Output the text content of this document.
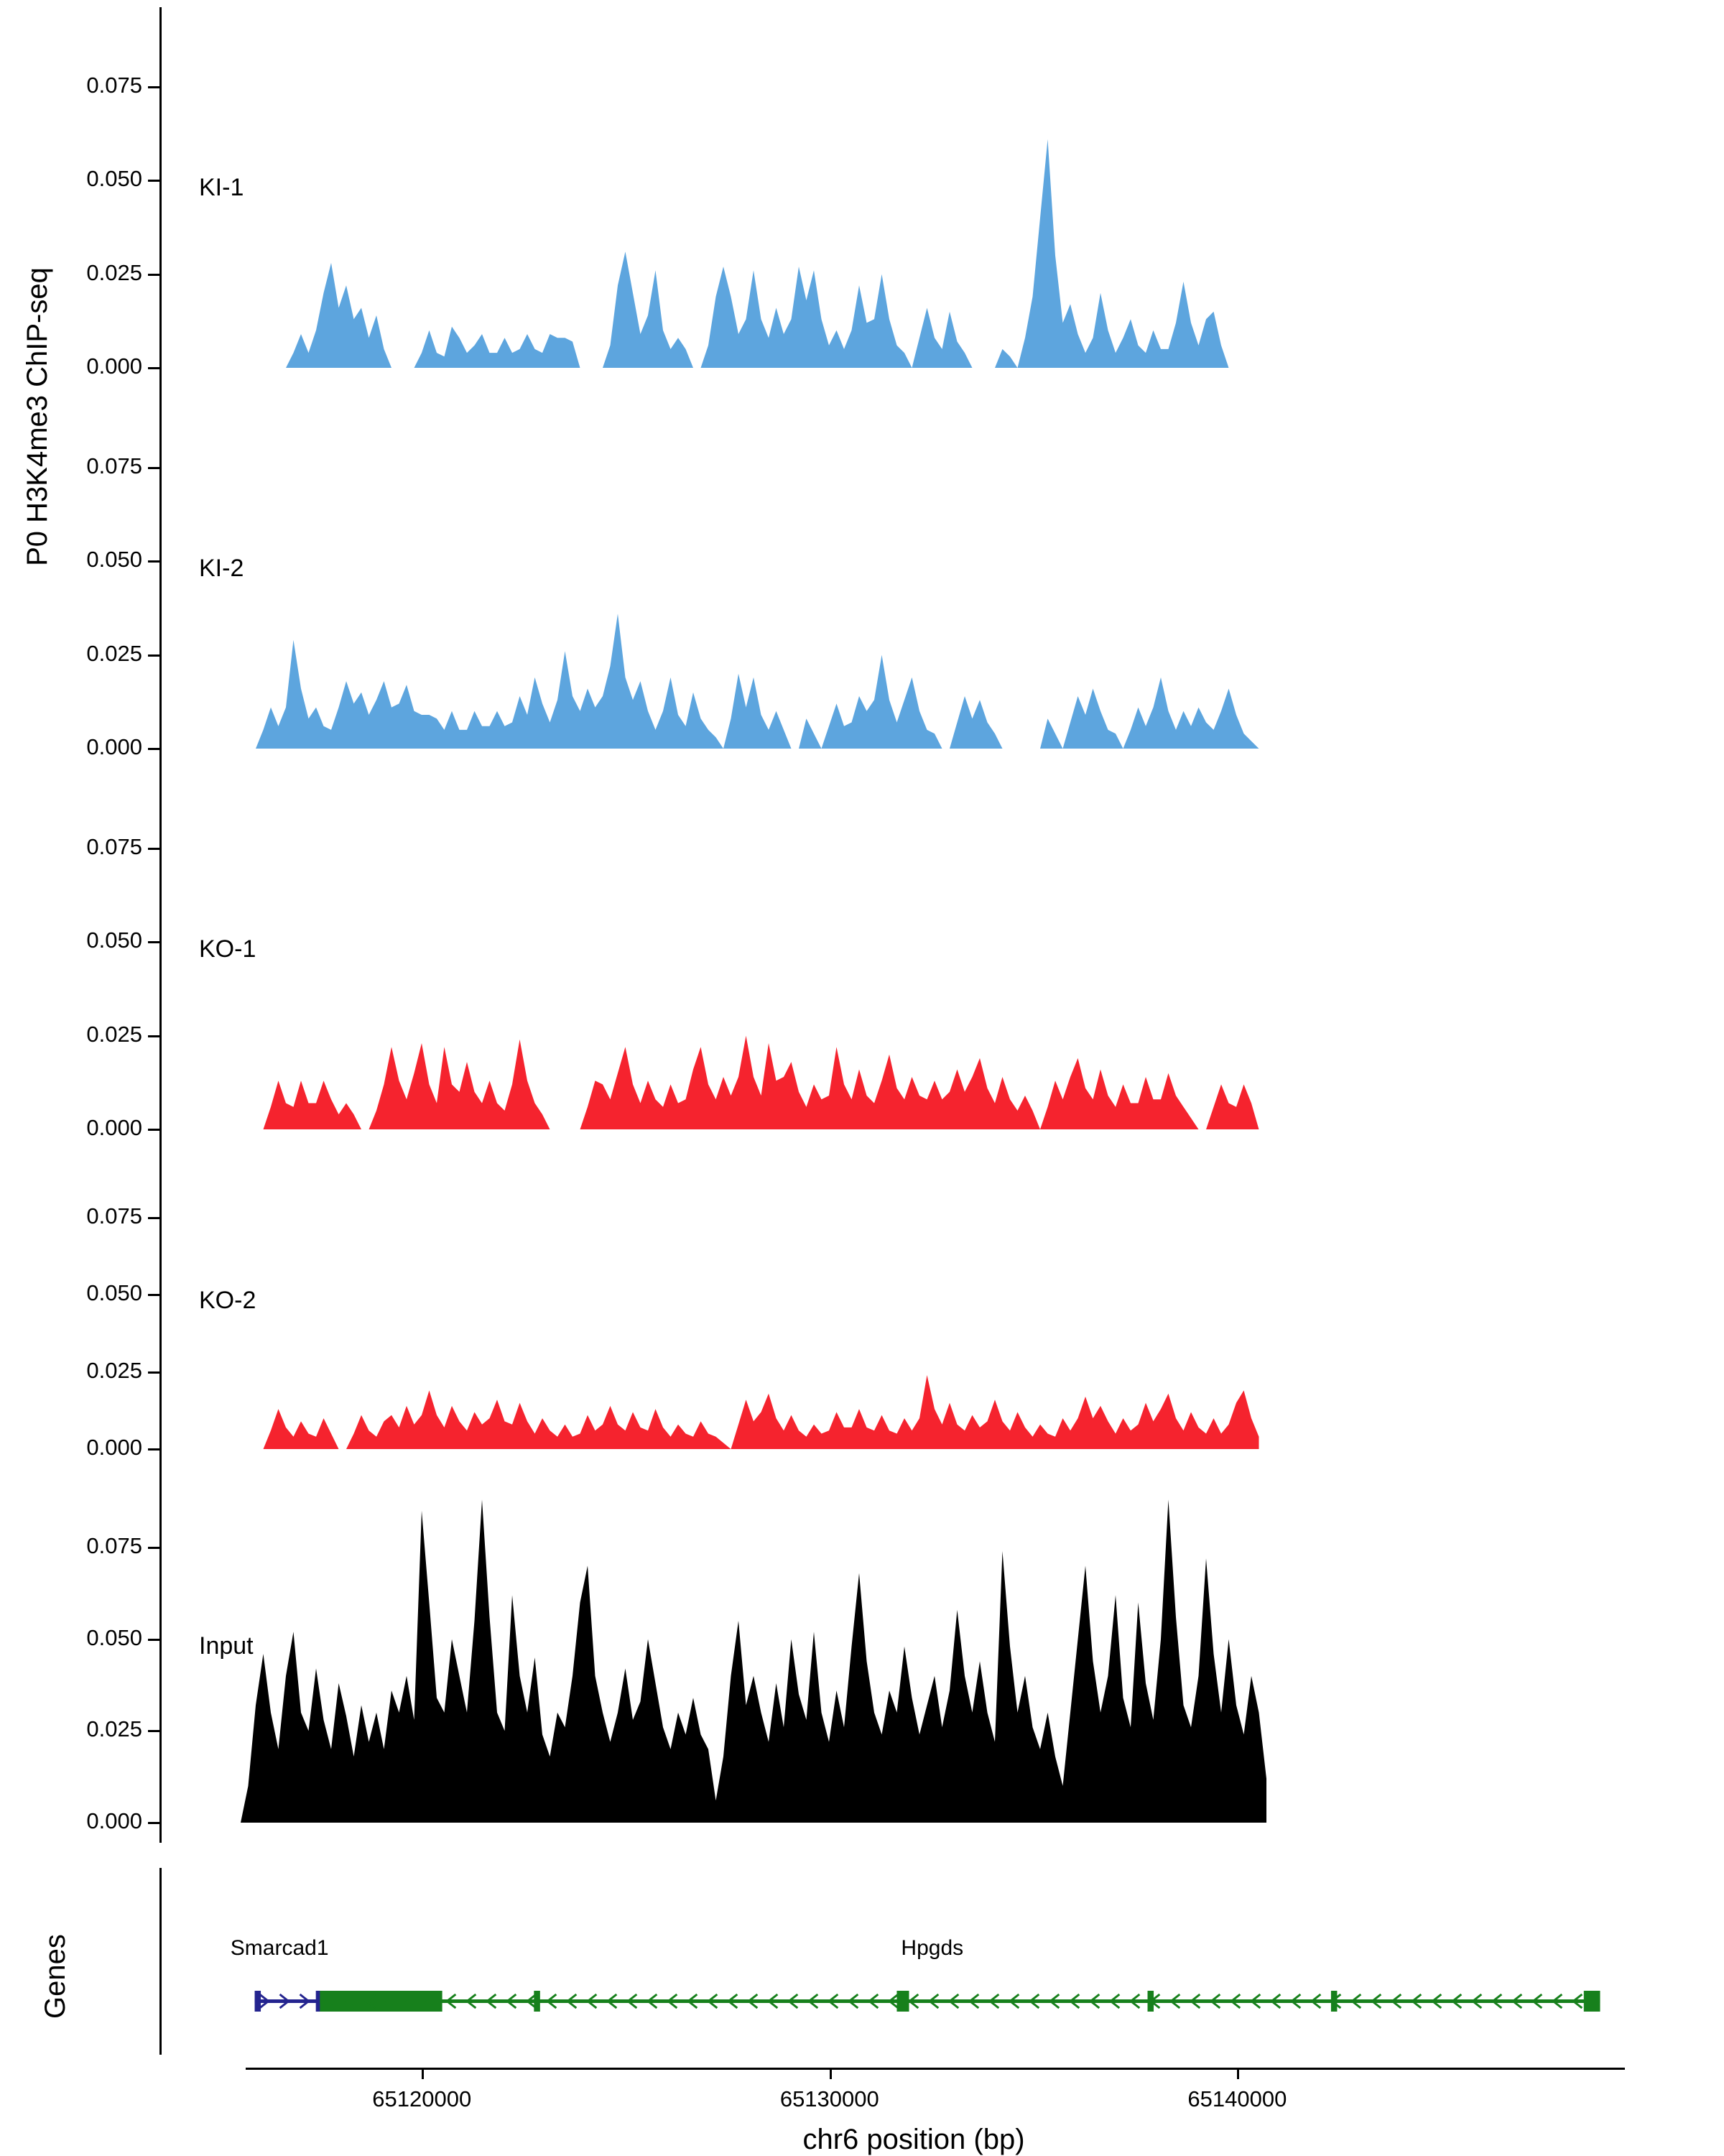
P0 H3K4me3 ChIP-seq 0.000
0.025
0.050
0.075
KI-1
0.000
0.025
0.050
0.075
KI-2
0.000
0.025
0.050
0.075
KO-1
0.000
0.025
0.050
0.075
KO-2
0.000
0.025
0.050
0.075
Input
Genes	Smarcad1	Hpgds
65120000	65130000	65140000
chr6 position (bp)
